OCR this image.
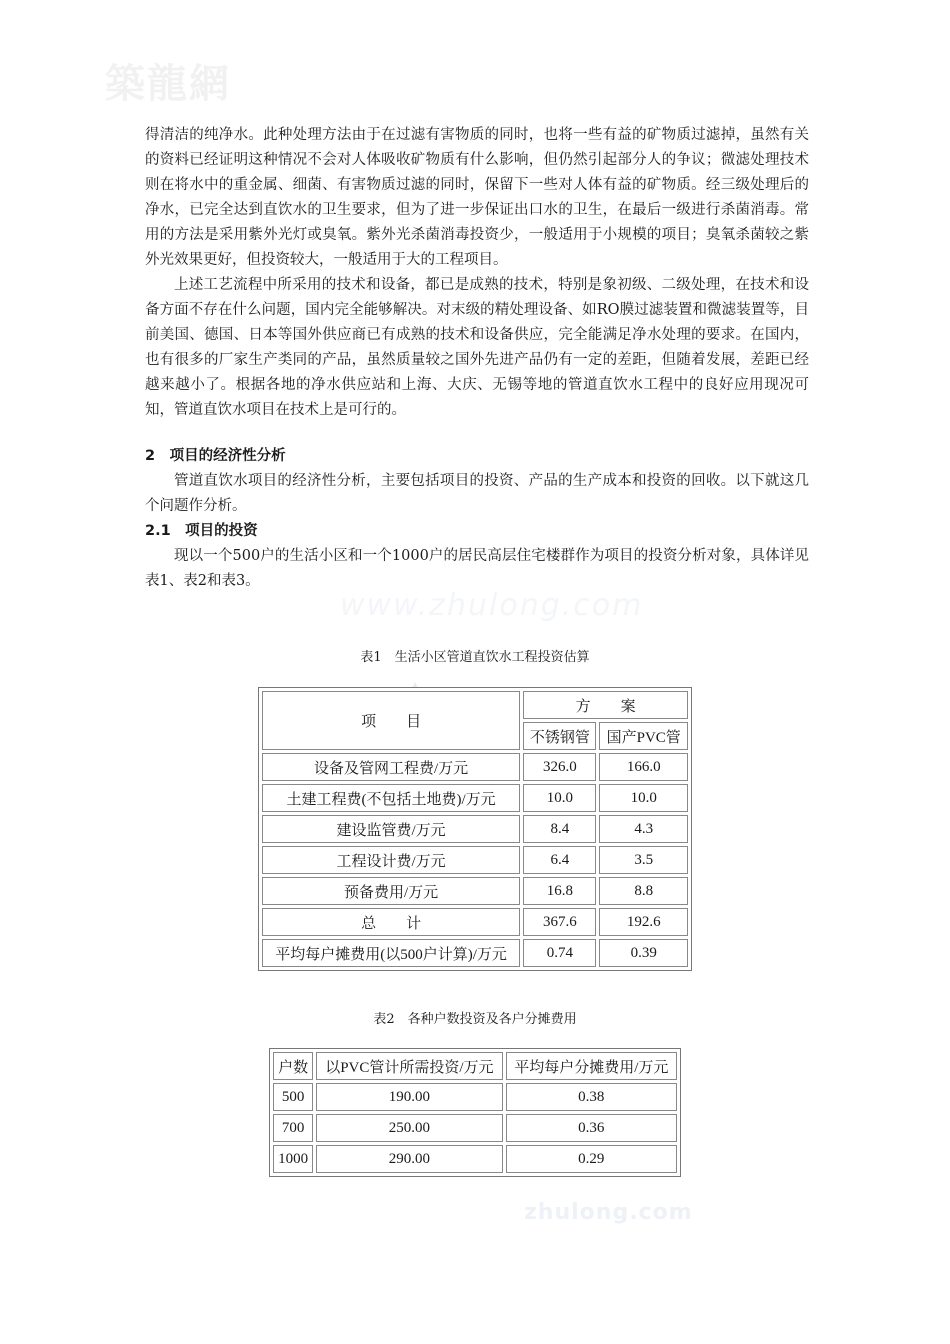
築龍網
www.zhulong.com
zhulong.com

得清洁的纯净水。此种处理方法由于在过滤有害物质的同时，也将一些有益的矿物质过滤掉，虽然有关的资料已经证明这种情况不会对人体吸收矿物质有什么影响，但仍然引起部分人的争议；微滤处理技术则在将水中的重金属、细菌、有害物质过滤的同时，保留下一些对人体有益的矿物质。经三级处理后的净水，已完全达到直饮水的卫生要求，但为了进一步保证出口水的卫生，在最后一级进行杀菌消毒。常用的方法是采用紫外光灯或臭氧。紫外光杀菌消毒投资少，一般适用于小规模的项目；臭氧杀菌较之紫外光效果更好，但投资较大，一般适用于大的工程项目。

上述工艺流程中所采用的技术和设备，都已是成熟的技术，特别是象初级、二级处理，在技术和设备方面不存在什么问题，国内完全能够解决。对末级的精处理设备、如RO膜过滤装置和微滤装置等，目前美国、德国、日本等国外供应商已有成熟的技术和设备供应，完全能满足净水处理的要求。在国内，也有很多的厂家生产类同的产品，虽然质量较之国外先进产品仍有一定的差距，但随着发展，差距已经越来越小了。根据各地的净水供应站和上海、大庆、无锡等地的管道直饮水工程中的良好应用现况可知，管道直饮水项目在技术上是可行的。

2　项目的经济性分析

管道直饮水项目的经济性分析，主要包括项目的投资、产品的生产成本和投资的回收。以下就这几个问题作分析。

2.1　项目的投资

现以一个500户的生活小区和一个1000户的居民高层住宅楼群作为项目的投资分析对象，具体详见表1、表2和表3。

表1　生活小区管道直饮水工程投资估算
项　　目	方　　案	
	不锈钢管	国产PVC管
设备及管网工程费/万元	326.0	166.0
土建工程费(不包括土地费)/万元	10.0	10.0
建设监管费/万元	8.4	4.3
工程设计费/万元	6.4	3.5
预备费用/万元	16.8	8.8
总　　计	367.6	192.6
平均每户摊费用(以500户计算)/万元	0.74	0.39
表2　各种户数投资及各户分摊费用
户数	以PVC管计所需投资/万元	平均每户分摊费用/万元
500	190.00	0.38
700	250.00	0.36
1000	290.00	0.29
